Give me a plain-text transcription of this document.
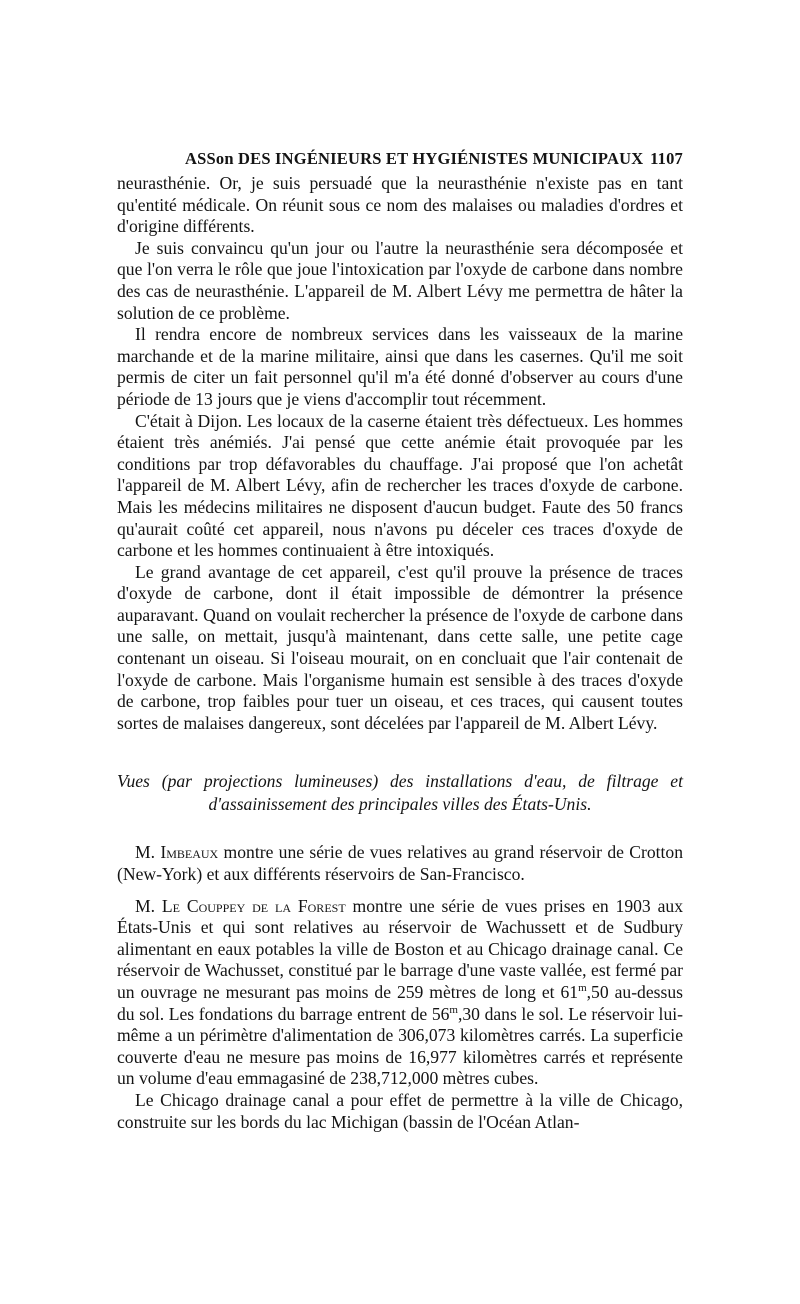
ASSon DES INGÉNIEURS ET HYGIÉNISTES MUNICIPAUX 1107

neurasthénie. Or, je suis persuadé que la neurasthénie n'existe pas en tant qu'entité médicale. On réunit sous ce nom des malaises ou maladies d'ordres et d'origine différents.

Je suis convaincu qu'un jour ou l'autre la neurasthénie sera décomposée et que l'on verra le rôle que joue l'intoxication par l'oxyde de carbone dans nombre des cas de neurasthénie. L'appareil de M. Albert Lévy me permettra de hâter la solution de ce problème.

Il rendra encore de nombreux services dans les vaisseaux de la marine marchande et de la marine militaire, ainsi que dans les casernes. Qu'il me soit permis de citer un fait personnel qu'il m'a été donné d'observer au cours d'une période de 13 jours que je viens d'accomplir tout récemment.

C'était à Dijon. Les locaux de la caserne étaient très défectueux. Les hommes étaient très anémiés. J'ai pensé que cette anémie était provoquée par les conditions par trop défavorables du chauffage. J'ai proposé que l'on achetât l'appareil de M. Albert Lévy, afin de rechercher les traces d'oxyde de carbone. Mais les médecins militaires ne disposent d'aucun budget. Faute des 50 francs qu'aurait coûté cet appareil, nous n'avons pu déceler ces traces d'oxyde de carbone et les hommes continuaient à être intoxiqués.

Le grand avantage de cet appareil, c'est qu'il prouve la présence de traces d'oxyde de carbone, dont il était impossible de démontrer la présence auparavant. Quand on voulait rechercher la présence de l'oxyde de carbone dans une salle, on mettait, jusqu'à maintenant, dans cette salle, une petite cage contenant un oiseau. Si l'oiseau mourait, on en concluait que l'air contenait de l'oxyde de carbone. Mais l'organisme humain est sensible à des traces d'oxyde de carbone, trop faibles pour tuer un oiseau, et ces traces, qui causent toutes sortes de malaises dangereux, sont décelées par l'appareil de M. Albert Lévy.

Vues (par projections lumineuses) des installations d'eau, de filtrage et
d'assainissement des principales villes des États-Unis.

M. Imbeaux montre une série de vues relatives au grand réservoir de Crotton (New-York) et aux différents réservoirs de San-Francisco.

M. Le Couppey de la Forest montre une série de vues prises en 1903 aux États-Unis et qui sont relatives au réservoir de Wachussett et de Sudbury alimentant en eaux potables la ville de Boston et au Chicago drainage canal. Ce réservoir de Wachusset, constitué par le barrage d'une vaste vallée, est fermé par un ouvrage ne mesurant pas moins de 259 mètres de long et 61$^m$,50 au-dessus du sol. Les fondations du barrage entrent de 56$^m$,30 dans le sol. Le réservoir lui-même a un périmètre d'alimentation de 306,073 kilomètres carrés. La superficie couverte d'eau ne mesure pas moins de 16,977 kilomètres carrés et représente un volume d'eau emmagasiné de 238,712,000 mètres cubes.

Le Chicago drainage canal a pour effet de permettre à la ville de Chicago, construite sur les bords du lac Michigan (bassin de l'Océan Atlan-
